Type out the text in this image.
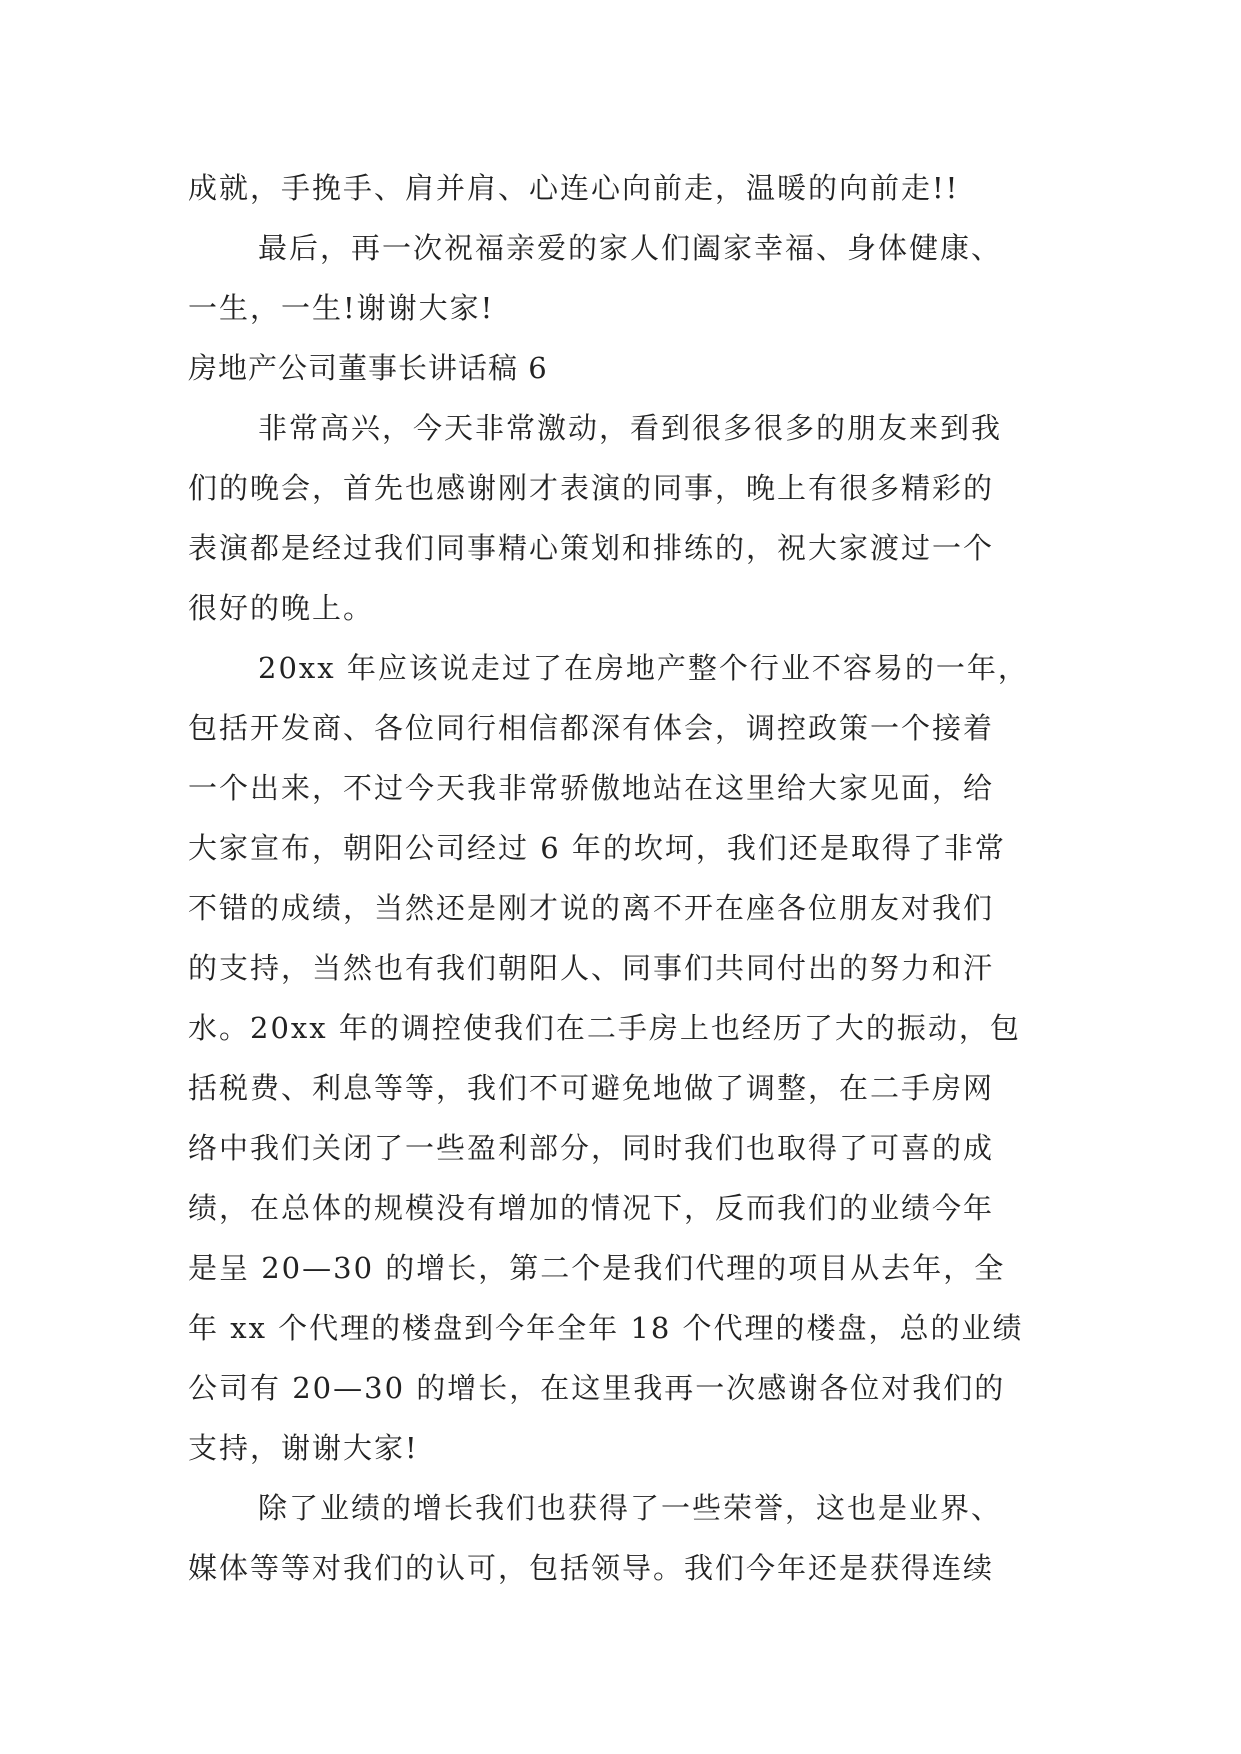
成就，手挽手、肩并肩、心连心向前走，温暖的向前走!!
最后，再一次祝福亲爱的家人们阖家幸福、身体健康、
一生，一生!谢谢大家!
房地产公司董事长讲话稿 6
非常高兴，今天非常激动，看到很多很多的朋友来到我
们的晚会，首先也感谢刚才表演的同事，晚上有很多精彩的
表演都是经过我们同事精心策划和排练的，祝大家渡过一个
很好的晚上。
20xx 年应该说走过了在房地产整个行业不容易的一年，
包括开发商、各位同行相信都深有体会，调控政策一个接着
一个出来，不过今天我非常骄傲地站在这里给大家见面，给
大家宣布，朝阳公司经过 6 年的坎坷，我们还是取得了非常
不错的成绩，当然还是刚才说的离不开在座各位朋友对我们
的支持，当然也有我们朝阳人、同事们共同付出的努力和汗
水。20xx 年的调控使我们在二手房上也经历了大的振动，包
括税费、利息等等，我们不可避免地做了调整，在二手房网
络中我们关闭了一些盈利部分，同时我们也取得了可喜的成
绩，在总体的规模没有增加的情况下，反而我们的业绩今年
是呈 20—30 的增长，第二个是我们代理的项目从去年，全
年 xx 个代理的楼盘到今年全年 18 个代理的楼盘，总的业绩
公司有 20—30 的增长，在这里我再一次感谢各位对我们的
支持，谢谢大家!
除了业绩的增长我们也获得了一些荣誉，这也是业界、
媒体等等对我们的认可，包括领导。我们今年还是获得连续
